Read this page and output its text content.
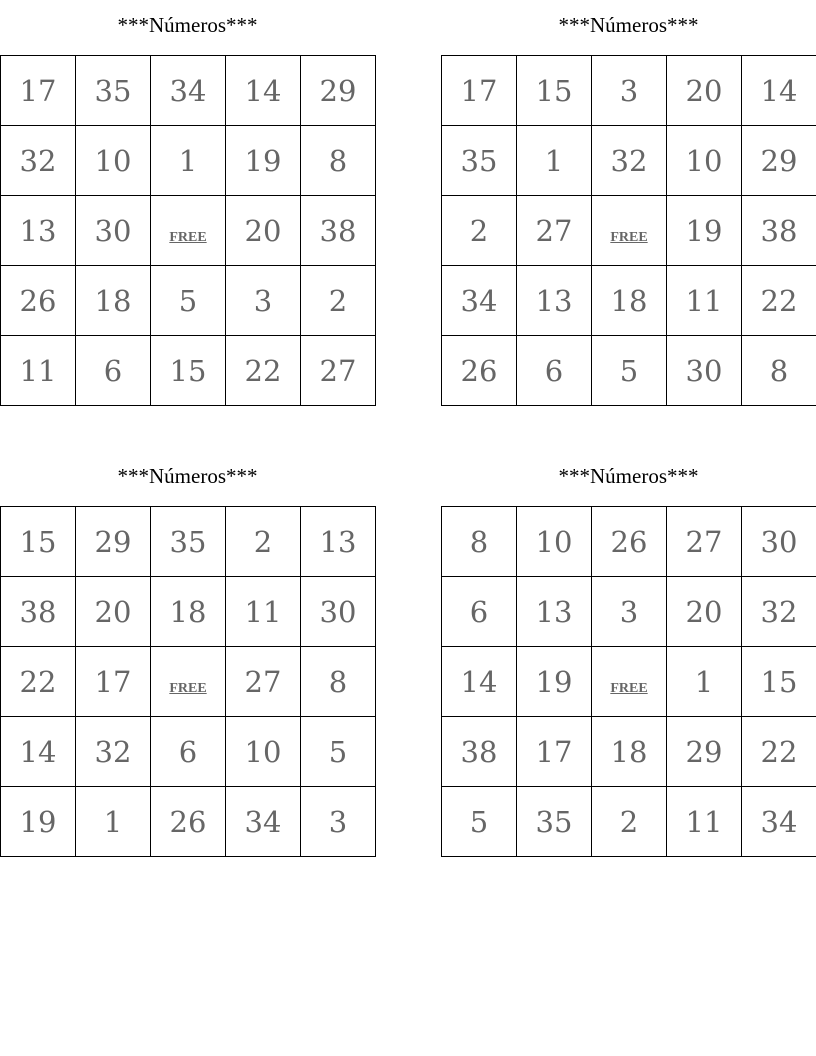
***Números***
17	35	34	14	29
32	10	1	19	8
13	30	FREE	20	38
26	18	5	3	2
11	6	15	22	27
***Números***
17	15	3	20	14
35	1	32	10	29
2	27	FREE	19	38
34	13	18	11	22
26	6	5	30	8
***Números***
15	29	35	2	13
38	20	18	11	30
22	17	FREE	27	8
14	32	6	10	5
19	1	26	34	3
***Números***
8	10	26	27	30
6	13	3	20	32
14	19	FREE	1	15
38	17	18	29	22
5	35	2	11	34
